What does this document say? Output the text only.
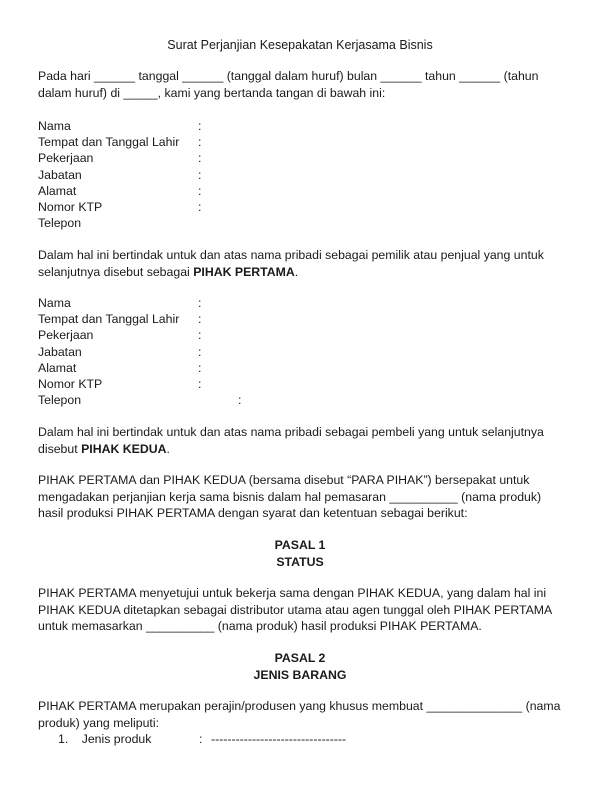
Surat Perjanjian Kesepakatan Kerjasama Bisnis

Pada hari ______ tanggal ______ (tanggal dalam huruf) bulan ______ tahun ______ (tahun
dalam huruf) di _____, kami yang bertanda tangan di bawah ini:

Nama	:
Tempat dan Tanggal Lahir :
Pekerjaan	:
Jabatan	:
Alamat	:
Nomor KTP	:
Telepon

Dalam hal ini bertindak untuk dan atas nama pribadi sebagai pemilik atau penjual yang untuk
selanjutnya disebut sebagai PIHAK PERTAMA.

Nama	:
Tempat dan Tanggal Lahir :
Pekerjaan	:
Jabatan	:
Alamat	:
Nomor KTP	:
Telepon	:

Dalam hal ini bertindak untuk dan atas nama pribadi sebagai pembeli yang untuk selanjutnya
disebut PIHAK KEDUA.

PIHAK PERTAMA dan PIHAK KEDUA (bersama disebut “PARA PIHAK”) bersepakat untuk
mengadakan perjanjian kerja sama bisnis dalam hal pemasaran __________ (nama produk)
hasil produksi PIHAK PERTAMA dengan syarat dan ketentuan sebagai berikut:

PASAL 1
STATUS

PIHAK PERTAMA menyetujui untuk bekerja sama dengan PIHAK KEDUA, yang dalam hal ini
PIHAK KEDUA ditetapkan sebagai distributor utama atau agen tunggal oleh PIHAK PERTAMA
untuk memasarkan __________ (nama produk) hasil produksi PIHAK PERTAMA.

PASAL 2
JENIS BARANG

PIHAK PERTAMA merupakan perajin/produsen yang khusus membuat ______________ (nama
produk) yang meliputi:

1. Jenis produk	: ---------------------------------
